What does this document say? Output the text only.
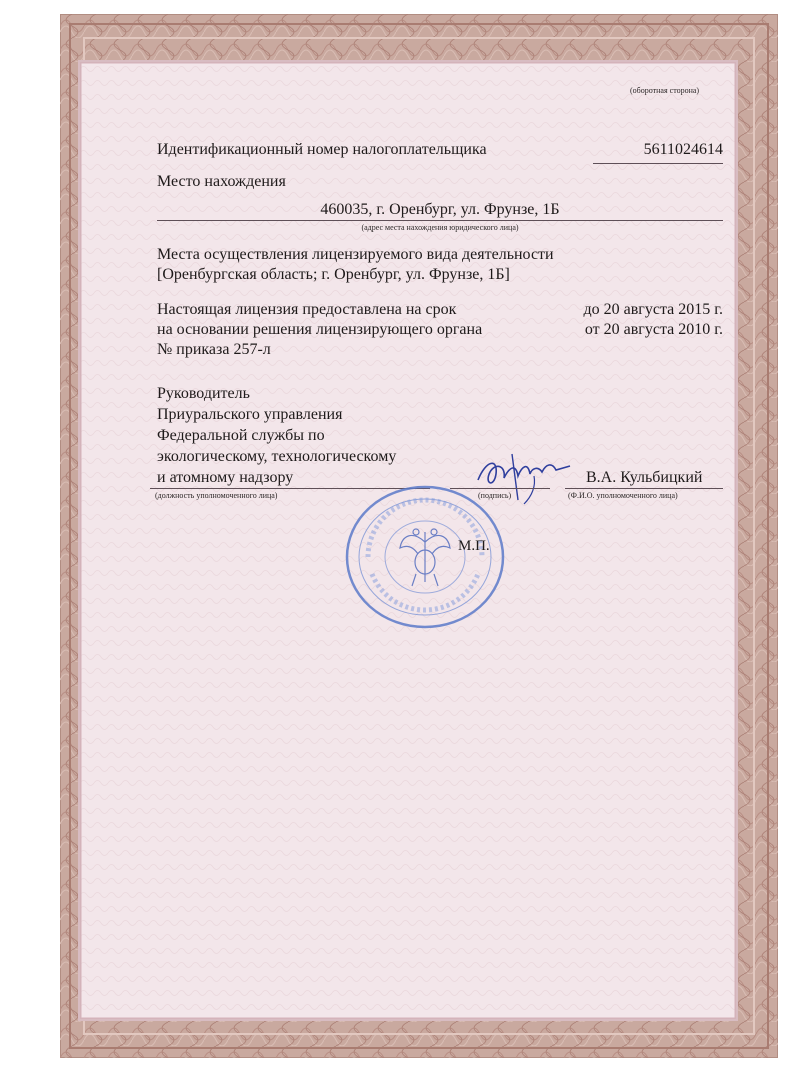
(оборотная сторона)
Идентификационный номер налогоплательщика	5611024614
Место нахождения
460035, г. Оренбург, ул. Фрунзе, 1Б
(адрес места нахождения юридического лица)
Места осуществления лицензируемого вида деятельности
[Оренбургская область; г. Оренбург, ул. Фрунзе, 1Б]
Настоящая лицензия предоставлена на срок	до 20 августа 2015 г.
на основании решения лицензирующего органа	от 20 августа 2010 г.
№ приказа 257-л
Руководитель
Приуральского управления
Федеральной службы по
экологическому, технологическому
и атомному надзору	В.А. Кульбицкий
(должность уполномоченного лица)	(подпись)	(Ф.И.О. уполномоченного лица)
М.П.
